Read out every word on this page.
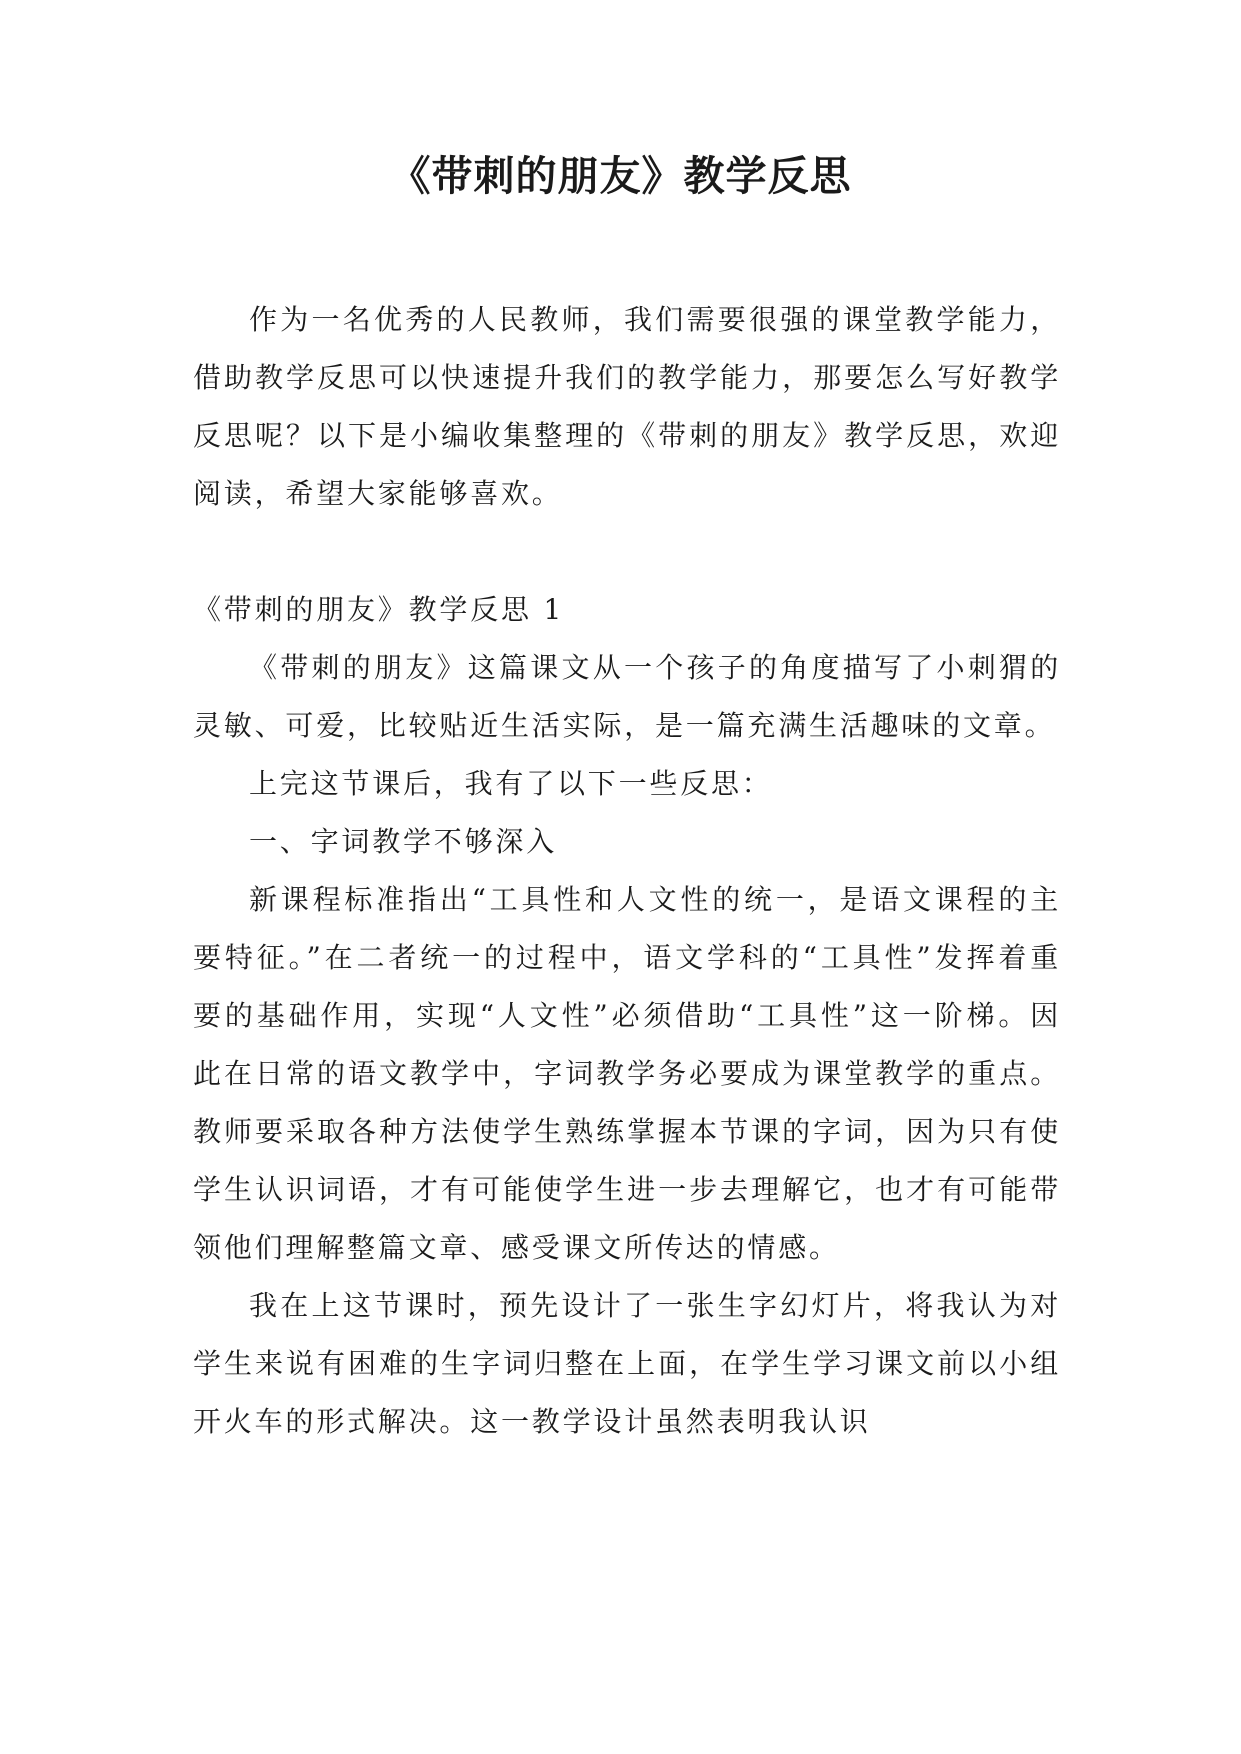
《带刺的朋友》教学反思

作为一名优秀的人民教师，我们需要很强的课堂教学能力，借助教学反思可以快速提升我们的教学能力，那要怎么写好教学反思呢？以下是小编收集整理的《带刺的朋友》教学反思，欢迎阅读，希望大家能够喜欢。

《带刺的朋友》教学反思 1

《带刺的朋友》这篇课文从一个孩子的角度描写了小刺猬的灵敏、可爱，比较贴近生活实际，是一篇充满生活趣味的文章。

上完这节课后，我有了以下一些反思：

一、字词教学不够深入

新课程标准指出“工具性和人文性的统一，是语文课程的主要特征。”在二者统一的过程中，语文学科的“工具性”发挥着重要的基础作用，实现“人文性”必须借助“工具性”这一阶梯。因此在日常的语文教学中，字词教学务必要成为课堂教学的重点。教师要采取各种方法使学生熟练掌握本节课的字词，因为只有使学生认识词语，才有可能使学生进一步去理解它，也才有可能带领他们理解整篇文章、感受课文所传达的情感。

我在上这节课时，预先设计了一张生字幻灯片，将我认为对学生来说有困难的生字词归整在上面，在学生学习课文前以小组开火车的形式解决。这一教学设计虽然表明我认识
